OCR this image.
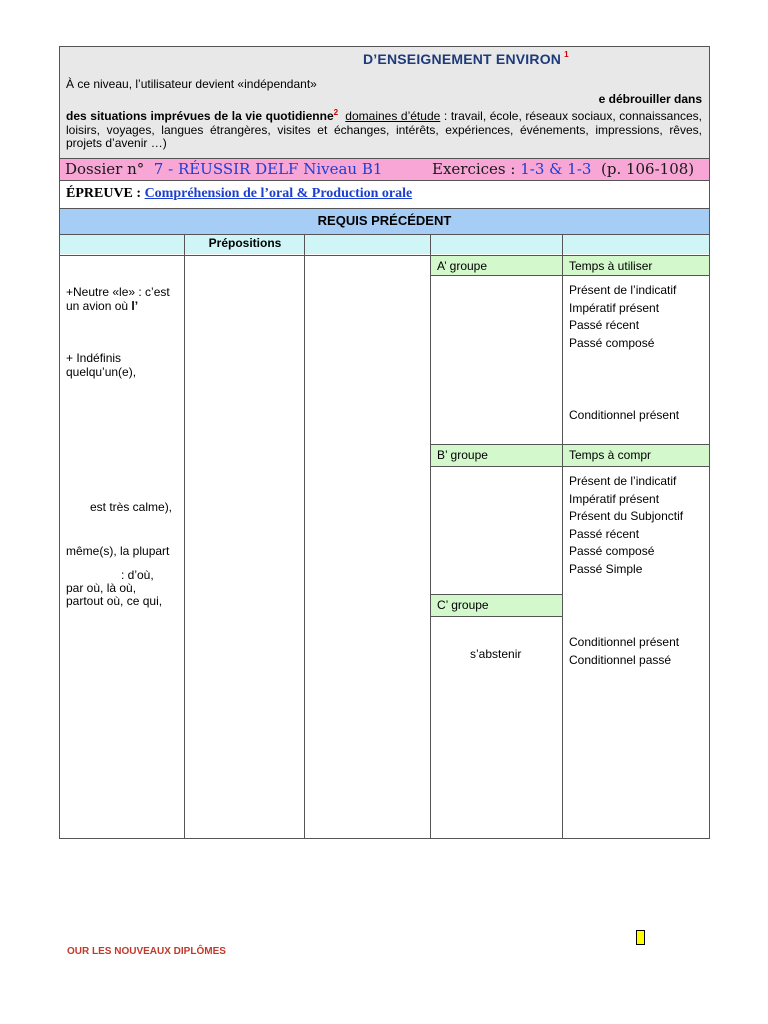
D’ENSEIGNEMENT ENVIRON $^1$
À ce niveau, l’utilisateur devient «indépendant»
e débrouiller dans
des situations imprévues de la vie quotidienne$^2$ domaines d’étude : travail, école, réseaux sociaux, connaissances, loisirs, voyages, langues étrangères, visites et échanges, intérêts, expériences, événements, impressions, rêves, projets d’avenir …)
Dossier n° 7 - RÉUSSIR DELF Niveau B1	Exercices : 1-3 & 1-3 (p. 106-108)
ÉPREUVE : Compréhension de l’oral & Production orale
REQUIS PRÉCÉDENT
Prépositions
+Neutre «le» : c’est
un avion où l’
+ Indéfinis
quelqu’un(e),
est très calme),
même(s), la plupart
: d’où,
par où, là où,
partout où, ce qui,
A’ groupe
B’ groupe
C’ groupe
s’abstenir
Temps à utiliser
Présent de l’indicatif
Impératif présent
Passé récent
Passé composé
Conditionnel présent
Temps à compr
Présent de l’indicatif
Impératif présent
Présent du Subjonctif
Passé récent
Passé composé
Passé Simple
Conditionnel présent
Conditionnel passé
OUR LES NOUVEAUX DIPLÔMES
